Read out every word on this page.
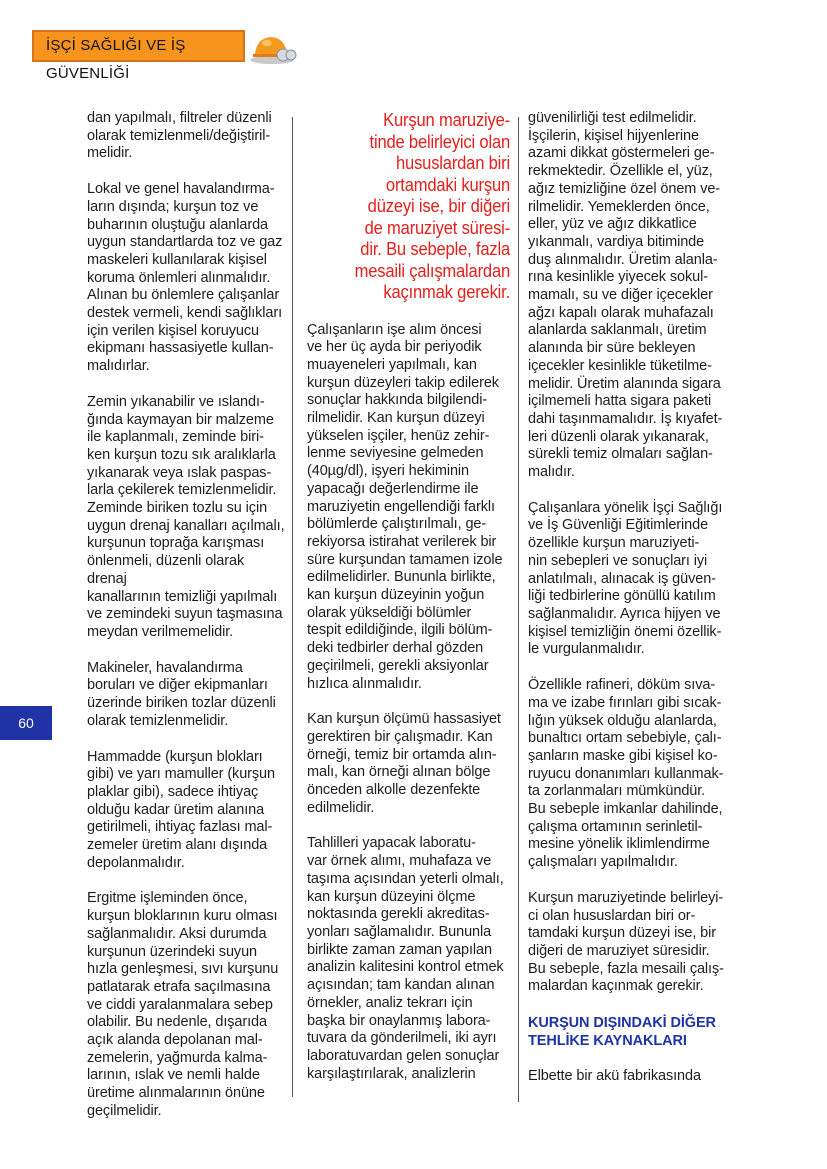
İŞÇİ SAĞLIĞI VE İŞ GÜVENLİĞİ
60

dan yapılmalı, filtreler düzenli
olarak temizlenmeli/değiştiril-
melidir.

Lokal ve genel havalandırma-
ların dışında; kurşun toz ve
buharının oluştuğu alanlarda
uygun standartlarda toz ve gaz
maskeleri kullanılarak kişisel
koruma önlemleri alınmalıdır.
Alınan bu önlemlere çalışanlar
destek vermeli, kendi sağlıkları
için verilen kişisel koruyucu
ekipmanı hassasiyetle kullan-
malıdırlar.

Zemin yıkanabilir ve ıslandı-
ğında kaymayan bir malzeme
ile kaplanmalı, zeminde biri-
ken kurşun tozu sık aralıklarla
yıkanarak veya ıslak paspas-
larla çekilerek temizlenmelidir.
Zeminde biriken tozlu su için
uygun drenaj kanalları açılmalı,
kurşunun toprağa karışması
önlenmeli, düzenli olarak drenaj
kanallarının temizliği yapılmalı
ve zemindeki suyun taşmasına
meydan verilmemelidir.

Makineler, havalandırma
boruları ve diğer ekipmanları
üzerinde biriken tozlar düzenli
olarak temizlenmelidir.

Hammadde (kurşun blokları
gibi) ve yarı mamuller (kurşun
plaklar gibi), sadece ihtiyaç
olduğu kadar üretim alanına
getirilmeli, ihtiyaç fazlası mal-
zemeler üretim alanı dışında
depolanmalıdır.

Ergitme işleminden önce,
kurşun bloklarının kuru olması
sağlanmalıdır. Aksi durumda
kurşunun üzerindeki suyun
hızla genleşmesi, sıvı kurşunu
patlatarak etrafa saçılmasına
ve ciddi yaralanmalara sebep
olabilir. Bu nedenle, dışarıda
açık alanda depolanan mal-
zemelerin, yağmurda kalma-
larının, ıslak ve nemli halde
üretime alınmalarının önüne
geçilmelidir.

Kurşun maruziye-
tinde belirleyici olan
hususlardan biri
ortamdaki kurşun
düzeyi ise, bir diğeri
de maruziyet süresi-
dir. Bu sebeple, fazla
mesaili çalışmalardan
kaçınmak gerekir.

Çalışanların işe alım öncesi
ve her üç ayda bir periyodik
muayeneleri yapılmalı, kan
kurşun düzeyleri takip edilerek
sonuçlar hakkında bilgilendi-
rilmelidir. Kan kurşun düzeyi
yükselen işçiler, henüz zehir-
lenme seviyesine gelmeden
(40µg/dl), işyeri hekiminin
yapacağı değerlendirme ile
maruziyetin engellendiği farklı
bölümlerde çalıştırılmalı, ge-
rekiyorsa istirahat verilerek bir
süre kurşundan tamamen izole
edilmelidirler. Bununla birlikte,
kan kurşun düzeyinin yoğun
olarak yükseldiği bölümler
tespit edildiğinde, ilgili bölüm-
deki tedbirler derhal gözden
geçirilmeli, gerekli aksiyonlar
hızlıca alınmalıdır.

Kan kurşun ölçümü hassasiyet
gerektiren bir çalışmadır. Kan
örneği, temiz bir ortamda alın-
malı, kan örneği alınan bölge
önceden alkolle dezenfekte
edilmelidir.

Tahlilleri yapacak laboratu-
var örnek alımı, muhafaza ve
taşıma açısından yeterli olmalı,
kan kurşun düzeyini ölçme
noktasında gerekli akreditas-
yonları sağlamalıdır. Bununla
birlikte zaman zaman yapılan
analizin kalitesini kontrol etmek
açısından; tam kandan alınan
örnekler, analiz tekrarı için
başka bir onaylanmış labora-
tuvara da gönderilmeli, iki ayrı
laboratuvardan gelen sonuçlar
karşılaştırılarak, analizlerin

güvenilirliği test edilmelidir.
İşçilerin, kişisel hijyenlerine
azami dikkat göstermeleri ge-
rekmektedir. Özellikle el, yüz,
ağız temizliğine özel önem ve-
rilmelidir. Yemeklerden önce,
eller, yüz ve ağız dikkatlice
yıkanmalı, vardiya bitiminde
duş alınmalıdır. Üretim alanla-
rına kesinlikle yiyecek sokul-
mamalı, su ve diğer içecekler
ağzı kapalı olarak muhafazalı
alanlarda saklanmalı, üretim
alanında bir süre bekleyen
içecekler kesinlikle tüketilme-
melidir. Üretim alanında sigara
içilmemeli hatta sigara paketi
dahi taşınmamalıdır. İş kıyafet-
leri düzenli olarak yıkanarak,
sürekli temiz olmaları sağlan-
malıdır.

Çalışanlara yönelik İşçi Sağlığı
ve İş Güvenliği Eğitimlerinde
özellikle kurşun maruziyeti-
nin sebepleri ve sonuçları iyi
anlatılmalı, alınacak iş güven-
liği tedbirlerine gönüllü katılım
sağlanmalıdır. Ayrıca hijyen ve
kişisel temizliğin önemi özellik-
le vurgulanmalıdır.

Özellikle rafineri, döküm sıva-
ma ve izabe fırınları gibi sıcak-
lığın yüksek olduğu alanlarda,
bunaltıcı ortam sebebiyle, çalı-
şanların maske gibi kişisel ko-
ruyucu donanımları kullanmak-
ta zorlanmaları mümkündür.
Bu sebeple imkanlar dahilinde,
çalışma ortamının serinletil-
mesine yönelik iklimlendirme
çalışmaları yapılmalıdır.

Kurşun maruziyetinde belirleyi-
ci olan hususlardan biri or-
tamdaki kurşun düzeyi ise, bir
diğeri de maruziyet süresidir.
Bu sebeple, fazla mesaili çalış-
malardan kaçınmak gerekir.

KURŞUN DIŞINDAKİ DİĞER
TEHLİKE KAYNAKLARI

Elbette bir akü fabrikasında
